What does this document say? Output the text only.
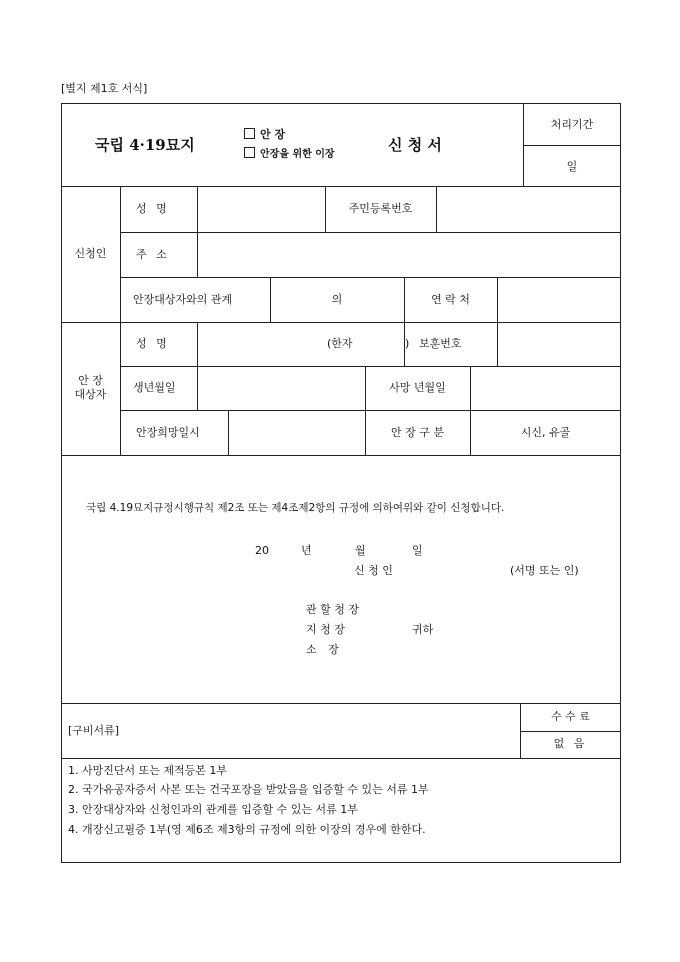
[별지 제1호 서식]
국립 4·19묘지
안 장
안장을 위한 이장
신 청 서
처리기간
일
신청인
성 명	주민등록번호
주 소
안장대상자와의 관계	의	연 락 처
안 장
대상자
성 명	(한자	) 보훈번호
생년월일	사망 년월일
안장희망일시	안 장 구 분	시신, 유골
국립 4.19묘지규정시행규칙 제2조 또는 제4조제2항의 규정에 의하여위와 같이 신청합니다.
20	년	월	일
신 청 인	(서명 또는 인)
관 할 청 장
지 청 장
소 장
귀하
[구비서류]
수 수 료
없 음
1. 사망진단서 또는 제적등본 1부
2. 국가유공자증서 사본 또는 건국포장을 받았음을 입증할 수 있는 서류 1부
3. 안장대상자와 신청인과의 관계를 입증할 수 있는 서류 1부
4. 개장신고필증 1부(영 제6조 제3항의 규정에 의한 이장의 경우에 한한다.
